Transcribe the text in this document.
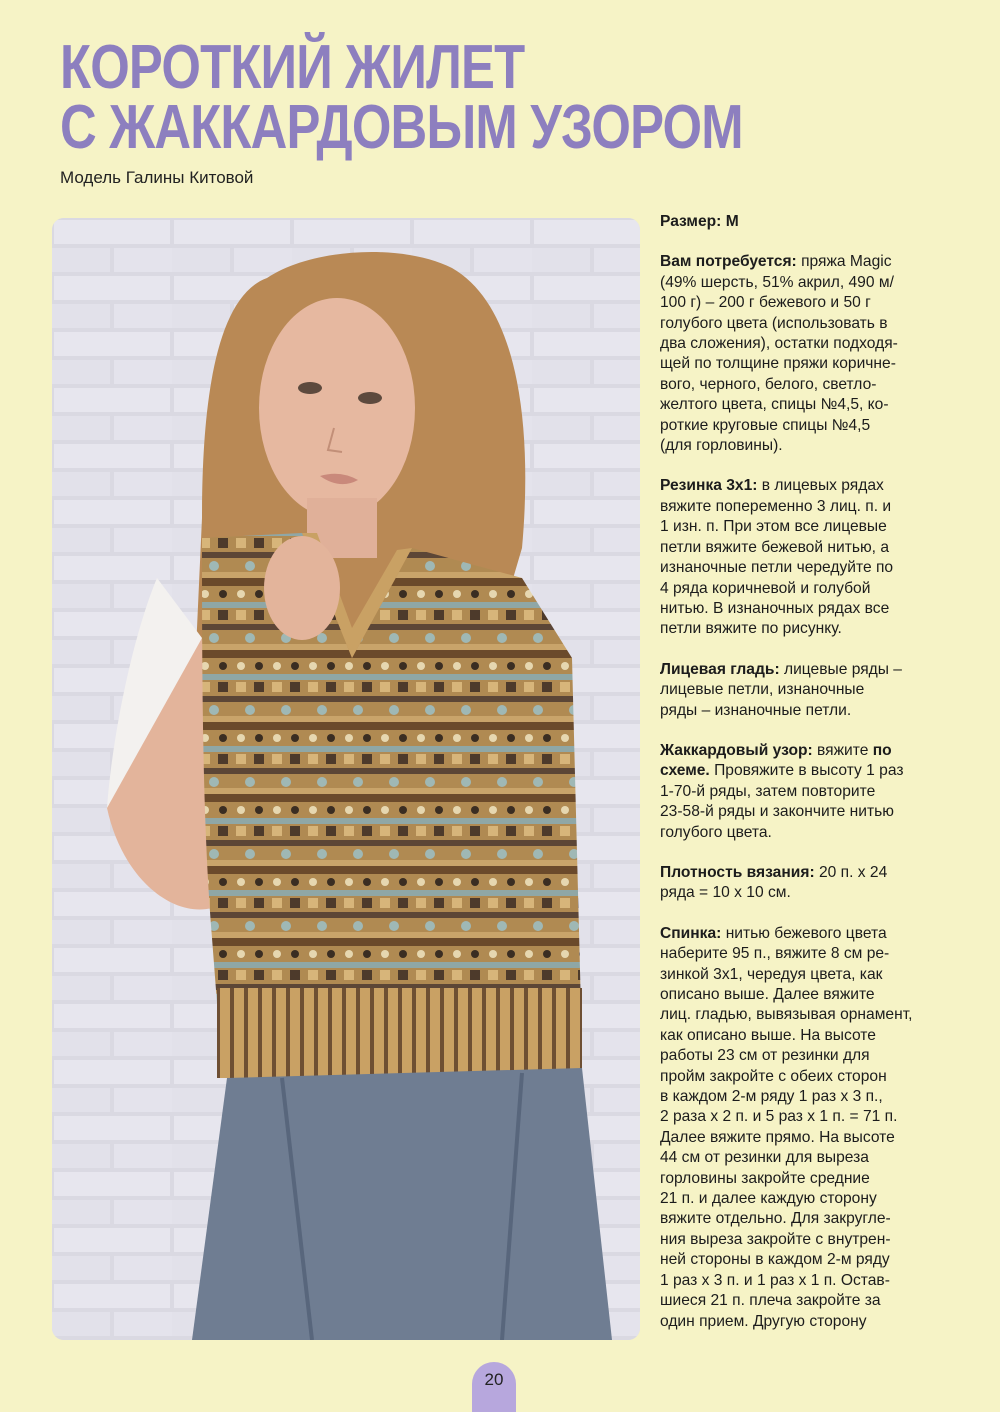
КОРОТКИЙ ЖИЛЕТ
С ЖАККАРДОВЫМ УЗОРОМ
Модель Галины Китовой

Размер: M

Вам потребуется: пряжа Magic
(49% шерсть, 51% акрил, 490 м/
100 г) – 200 г бежевого и 50 г
голубого цвета (использовать в
два сложения), остатки подходя-
щей по толщине пряжи коричне-
вого, черного, белого, светло-
желтого цвета, спицы №4,5, ко-
роткие круговые спицы №4,5
(для горловины).

Резинка 3x1: в лицевых рядах
вяжите попеременно 3 лиц. п. и
1 изн. п. При этом все лицевые
петли вяжите бежевой нитью, а
изнаночные петли чередуйте по
4 ряда коричневой и голубой
нитью. В изнаночных рядах все
петли вяжите по рисунку.

Лицевая гладь: лицевые ряды –
лицевые петли, изнаночные
ряды – изнаночные петли.

Жаккардовый узор: вяжите по
схеме. Провяжите в высоту 1 раз
1-70-й ряды, затем повторите
23-58-й ряды и закончите нитью
голубого цвета.

Плотность вязания: 20 п. х 24
ряда = 10 х 10 см.

Спинка: нитью бежевого цвета
наберите 95 п., вяжите 8 см ре-
зинкой 3x1, чередуя цвета, как
описано выше. Далее вяжите
лиц. гладью, вывязывая орнамент,
как описано выше. На высоте
работы 23 см от резинки для
пройм закройте с обеих сторон
в каждом 2-м ряду 1 раз х 3 п.,
2 раза х 2 п. и 5 раз х 1 п. = 71 п.
Далее вяжите прямо. На высоте
44 см от резинки для выреза
горловины закройте средние
21 п. и далее каждую сторону
вяжите отдельно. Для закругле-
ния выреза закройте с внутрен-
ней стороны в каждом 2-м ряду
1 раз х 3 п. и 1 раз х 1 п. Остав-
шиеся 21 п. плеча закройте за
один прием. Другую сторону

20
